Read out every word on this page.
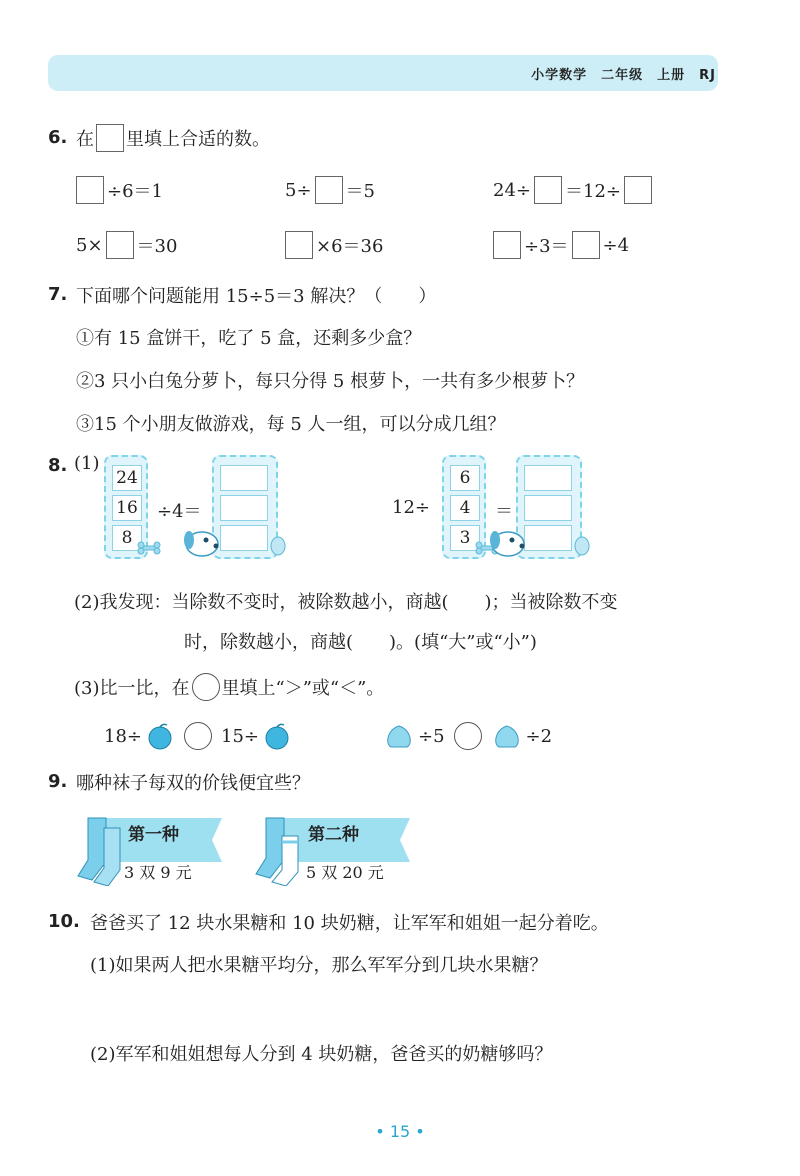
小学数学　二年级　上册　RJ
6. 在 里填上合适的数。
÷6＝1	5÷ ＝5	24÷ ＝12÷
5× ＝30	×6＝36	÷3＝ ÷4
7. 下面哪个问题能用 15÷5＝3 解决？（　　）
①有 15 盒饼干，吃了 5 盒，还剩多少盒？
②3 只小白兔分萝卜，每只分得 5 根萝卜，一共有多少根萝卜？
③15 个小朋友做游戏，每 5 人一组，可以分成几组？
8. (1)
24
16
8
÷4＝	12÷
6
4
3
＝
(2)我发现：当除数不变时，被除数越小，商越(　　)；当被除数不变
时，除数越小，商越(　　)。(填“大”或“小”)
(3)比一比，在 里填上“＞”或“＜”。
18÷	15÷	÷5	÷2
9. 哪种袜子每双的价钱便宜些？
第一种
3 双 9 元
第二种
5 双 20 元
10. 爸爸买了 12 块水果糖和 10 块奶糖，让军军和姐姐一起分着吃。
(1)如果两人把水果糖平均分，那么军军分到几块水果糖？
(2)军军和姐姐想每人分到 4 块奶糖，爸爸买的奶糖够吗？
• 15 •
